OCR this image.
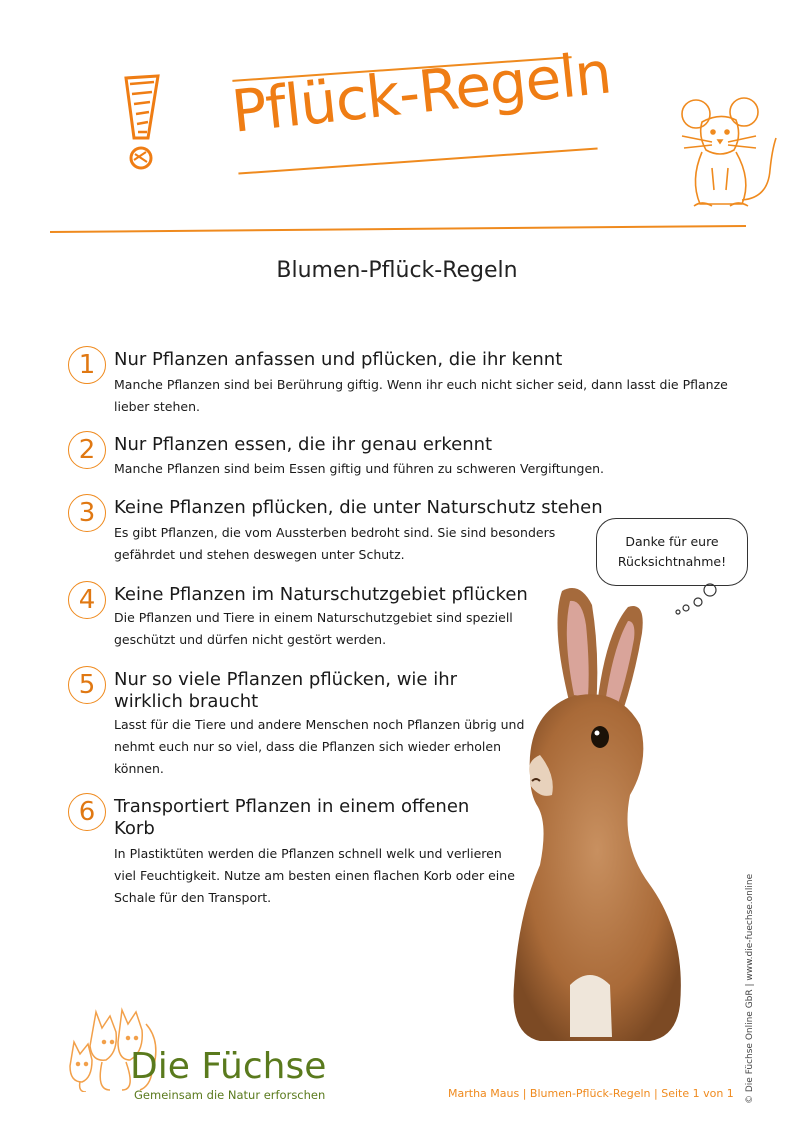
Pflück-Regeln
Blumen-Pflück-Regeln
1	Nur Pflanzen anfassen und pflücken, die ihr kennt
Manche Pflanzen sind bei Berührung giftig. Wenn ihr euch nicht sicher seid, dann lasst die Pflanze
lieber stehen.
2	Nur Pflanzen essen, die ihr genau erkennt
Manche Pflanzen sind beim Essen giftig und führen zu schweren Vergiftungen.
3	Keine Pflanzen pflücken, die unter Naturschutz stehen
Es gibt Pflanzen, die vom Aussterben bedroht sind. Sie sind besonders
gefährdet und stehen deswegen unter Schutz.
4	Keine Pflanzen im Naturschutzgebiet pflücken
Die Pflanzen und Tiere in einem Naturschutzgebiet sind speziell
geschützt und dürfen nicht gestört werden.
5	Nur so viele Pflanzen pflücken, wie ihr
wirklich braucht
Lasst für die Tiere und andere Menschen noch Pflanzen übrig und
nehmt euch nur so viel, dass die Pflanzen sich wieder erholen
können.
6	Transportiert Pflanzen in einem offenen
Korb
In Plastiktüten werden die Pflanzen schnell welk und verlieren
viel Feuchtigkeit. Nutze am besten einen flachen Korb oder eine
Schale für den Transport.
Danke für eure
Rücksichtnahme!
Die Füchse
Gemeinsam die Natur erforschen	Martha Maus | Blumen-Pflück-Regeln | Seite 1 von 1 © Die Füchse Online GbR | www.die-fuechse.online
